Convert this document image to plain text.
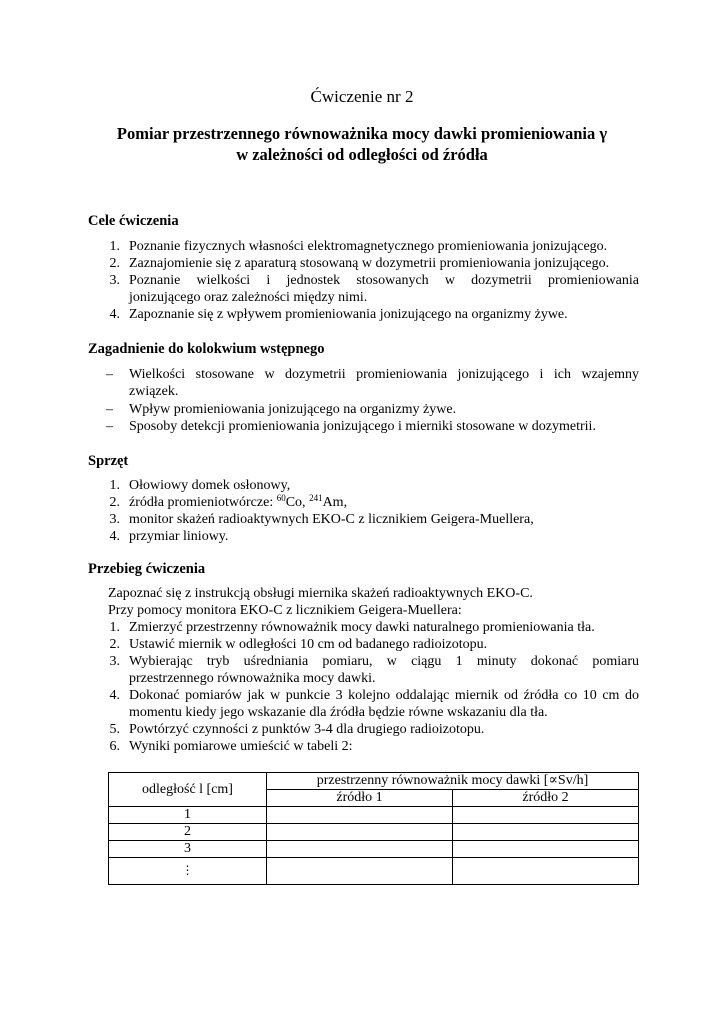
Ćwiczenie nr 2
Pomiar przestrzennego równoważnika mocy dawki promieniowania γ
w zależności od odległości od źródła
Cele ćwiczenia
1. Poznanie fizycznych własności elektromagnetycznego promieniowania jonizującego.
2. Zaznajomienie się z aparaturą stosowaną w dozymetrii promieniowania jonizującego.
3. Poznanie wielkości i jednostek stosowanych w dozymetrii promieniowania
jonizującego oraz zależności między nimi.
4. Zapoznanie się z wpływem promieniowania jonizującego na organizmy żywe.
Zagadnienie do kolokwium wstępnego
– Wielkości stosowane w dozymetrii promieniowania jonizującego i ich wzajemny
związek.
– Wpływ promieniowania jonizującego na organizmy żywe.
– Sposoby detekcji promieniowania jonizującego i mierniki stosowane w dozymetrii.
Sprzęt
1. Ołowiowy domek osłonowy,
2. źródła promieniotwórcze: $^{60}$Co, $^{241}$Am,
3. monitor skażeń radioaktywnych EKO-C z licznikiem Geigera-Muellera,
4. przymiar liniowy.
Przebieg ćwiczenia
Zapoznać się z instrukcją obsługi miernika skażeń radioaktywnych EKO-C.
Przy pomocy monitora EKO-C z licznikiem Geigera-Muellera:
1. Zmierzyć przestrzenny równoważnik mocy dawki naturalnego promieniowania tła.
2. Ustawić miernik w odległości 10 cm od badanego radioizotopu.
3. Wybierając tryb uśredniania pomiaru, w ciągu 1 minuty dokonać pomiaru
przestrzennego równoważnika mocy dawki.
4. Dokonać pomiarów jak w punkcie 3 kolejno oddalając miernik od źródła co 10 cm do
momentu kiedy jego wskazanie dla źródła będzie równe wskazaniu dla tła.
5. Powtórzyć czynności z punktów 3-4 dla drugiego radioizotopu.
6. Wyniki pomiarowe umieścić w tabeli 2:
odległość l [cm]	przestrzenny równoważnik mocy dawki [∝Sv/h]	
	źródło 1	źródło 2
1		
2		
3		
⋮		
